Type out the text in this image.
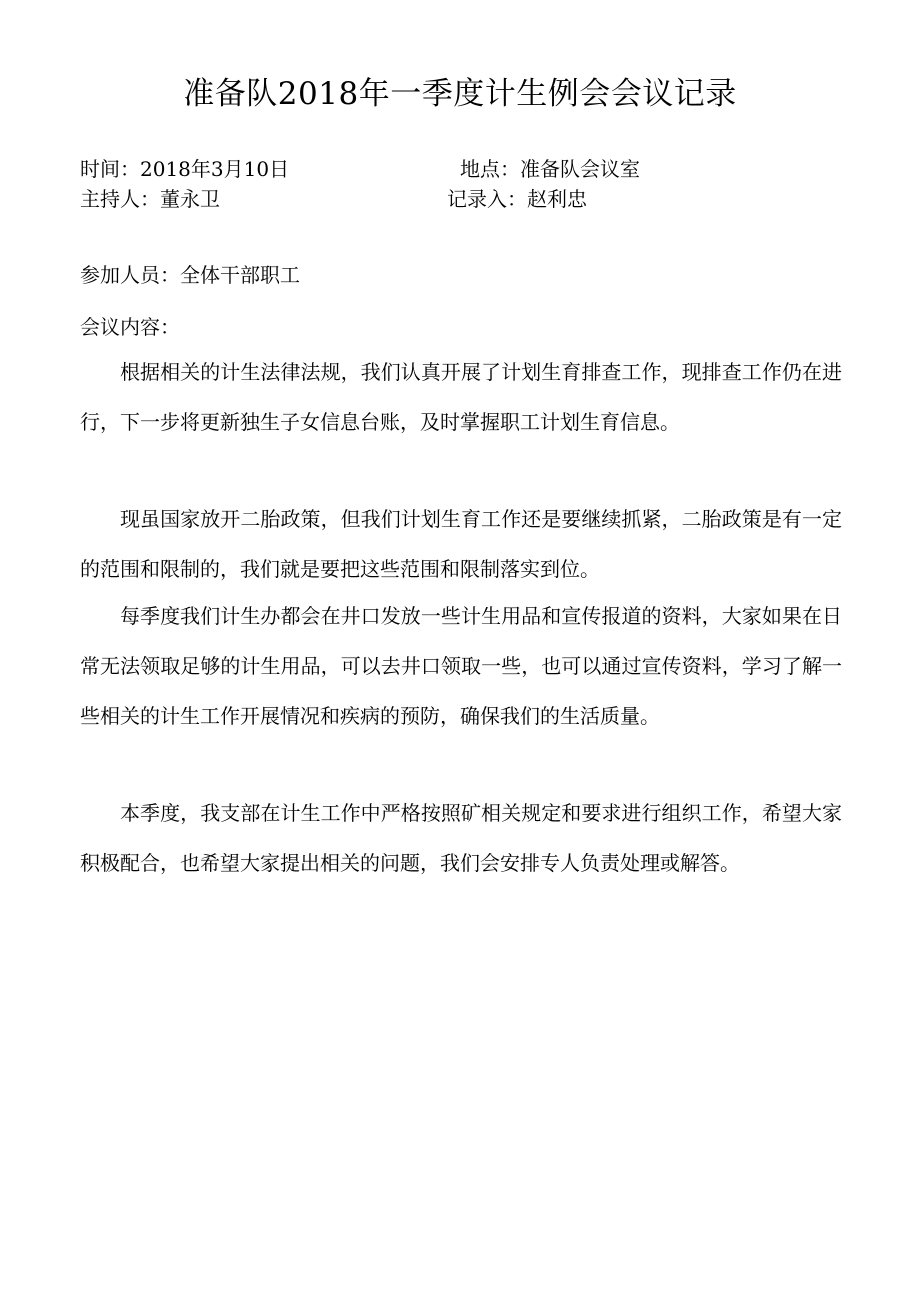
准备队2018年一季度计生例会会议记录
时间：2018年3月10日	地点：准备队会议室
主持人：董永卫	记录入：赵利忠
参加人员：全体干部职工
会议内容：

根据相关的计生法律法规，我们认真开展了计划生育排查工作，现排查工作仍在进行，下一步将更新独生子女信息台账，及时掌握职工计划生育信息。

现虽国家放开二胎政策，但我们计划生育工作还是要继续抓紧，二胎政策是有一定的范围和限制的，我们就是要把这些范围和限制落实到位。

每季度我们计生办都会在井口发放一些计生用品和宣传报道的资料，大家如果在日常无法领取足够的计生用品，可以去井口领取一些，也可以通过宣传资料，学习了解一些相关的计生工作开展情况和疾病的预防，确保我们的生活质量。

本季度，我支部在计生工作中严格按照矿相关规定和要求进行组织工作，希望大家积极配合，也希望大家提出相关的问题，我们会安排专人负责处理或解答。
